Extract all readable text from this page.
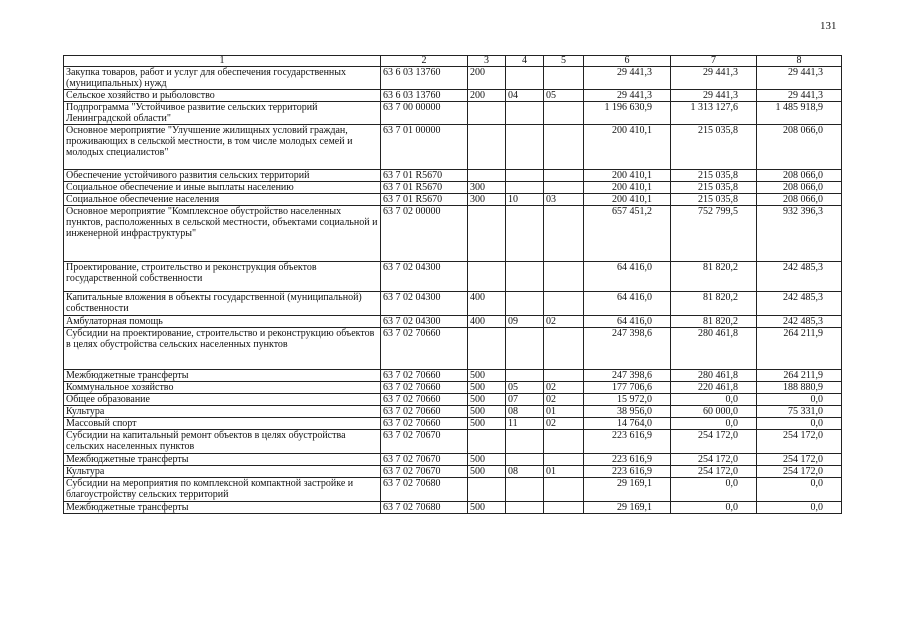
131
1	2	3	4	5	6	7	8
Закупка товаров, работ и услуг для обеспечения государственных (муниципальных) нужд	63 6 03 13760	200			29 441,3	29 441,3	29 441,3
Сельское хозяйство и рыболовство	63 6 03 13760	200	04	05	29 441,3	29 441,3	29 441,3
Подпрограмма "Устойчивое развитие сельских территорий Ленинградской области"	63 7 00 00000				1 196 630,9	1 313 127,6	1 485 918,9
Основное мероприятие "Улучшение жилищных условий граждан, проживающих в сельской местности, в том числе молодых семей и молодых специалистов"	63 7 01 00000				200 410,1	215 035,8	208 066,0
Обеспечение устойчивого развития сельских территорий	63 7 01 R5670				200 410,1	215 035,8	208 066,0
Социальное обеспечение и иные выплаты населению	63 7 01 R5670	300			200 410,1	215 035,8	208 066,0
Социальное обеспечение населения	63 7 01 R5670	300	10	03	200 410,1	215 035,8	208 066,0
Основное мероприятие "Комплексное обустройство населенных пунктов, расположенных в сельской местности, объектами социальной и инженерной инфраструктуры"	63 7 02 00000				657 451,2	752 799,5	932 396,3
Проектирование, строительство и реконструкция объектов государственной собственности	63 7 02 04300				64 416,0	81 820,2	242 485,3
Капитальные вложения в объекты государственной (муниципальной) собственности	63 7 02 04300	400			64 416,0	81 820,2	242 485,3
Амбулаторная помощь	63 7 02 04300	400	09	02	64 416,0	81 820,2	242 485,3
Субсидии на проектирование, строительство и реконструкцию объектов в целях обустройства сельских населенных пунктов	63 7 02 70660				247 398,6	280 461,8	264 211,9
Межбюджетные трансферты	63 7 02 70660	500			247 398,6	280 461,8	264 211,9
Коммунальное хозяйство	63 7 02 70660	500	05	02	177 706,6	220 461,8	188 880,9
Общее образование	63 7 02 70660	500	07	02	15 972,0	0,0	0,0
Культура	63 7 02 70660	500	08	01	38 956,0	60 000,0	75 331,0
Массовый спорт	63 7 02 70660	500	11	02	14 764,0	0,0	0,0
Субсидии на капитальный ремонт объектов в целях обустройства сельских населенных пунктов	63 7 02 70670				223 616,9	254 172,0	254 172,0
Межбюджетные трансферты	63 7 02 70670	500			223 616,9	254 172,0	254 172,0
Культура	63 7 02 70670	500	08	01	223 616,9	254 172,0	254 172,0
Субсидии на мероприятия по комплексной компактной застройке и благоустройству сельских территорий	63 7 02 70680				29 169,1	0,0	0,0
Межбюджетные трансферты	63 7 02 70680	500			29 169,1	0,0	0,0
